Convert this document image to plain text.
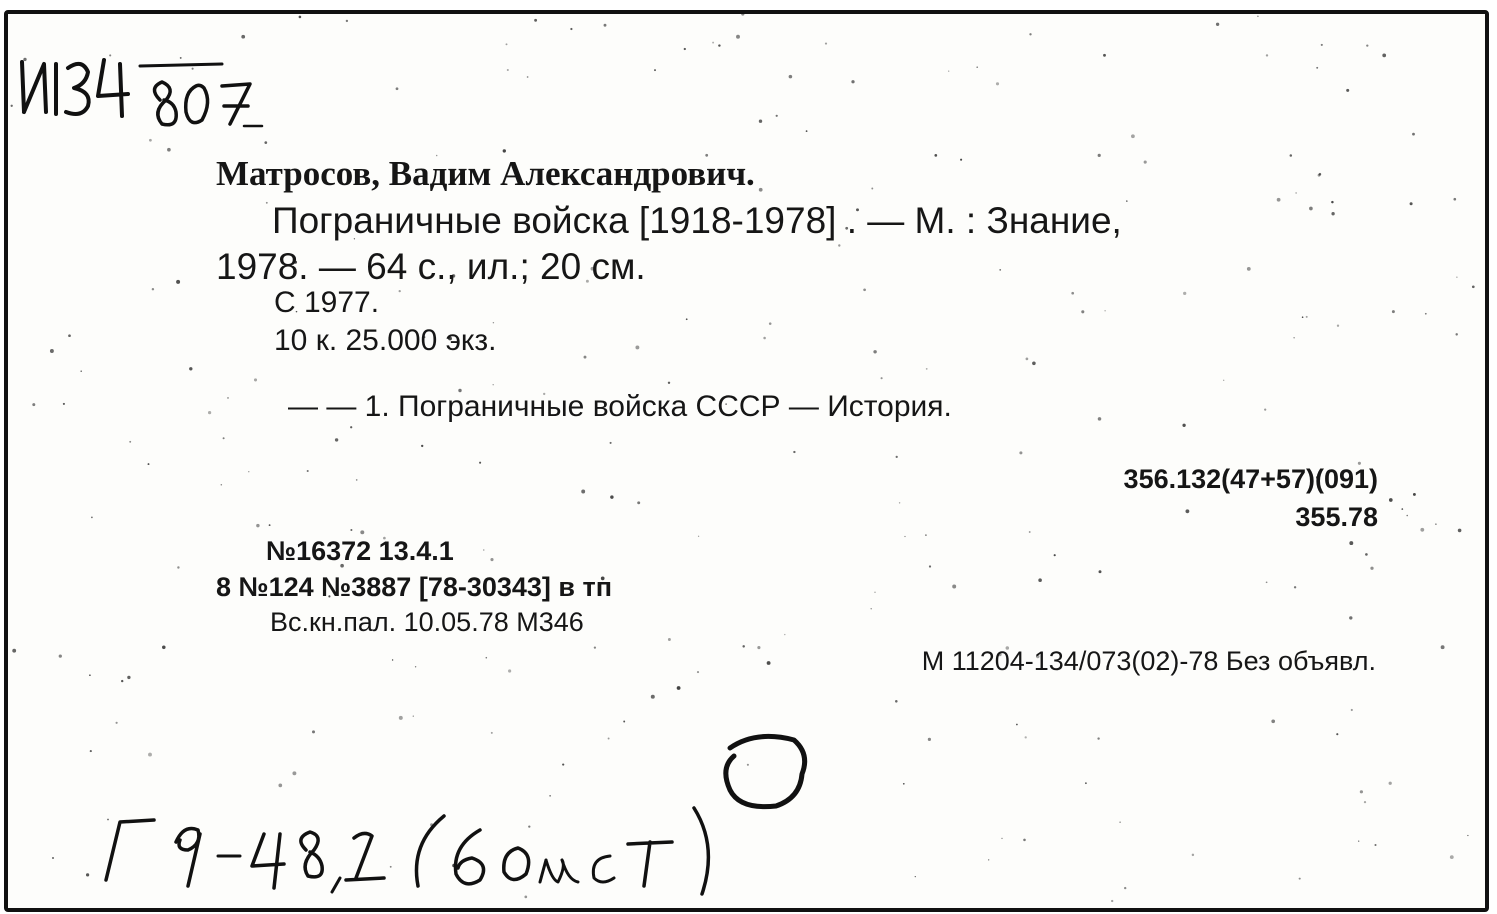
Матросов, Вадим Александрович.
Пограничные войска [1918-1978] . — М. : Знание,
1978. — 64 с., ил.; 20 см.
С 1977.
10 к. 25.000 экз.
— — 1. Пограничные войска СССР — История.
356.132(47+57)(091)
355.78
№16372 13.4.1
8 №124 №3887 [78-30343] в тп
Вс.кн.пал. 10.05.78 М346
М 11204-134/073(02)-78 Без объявл.
